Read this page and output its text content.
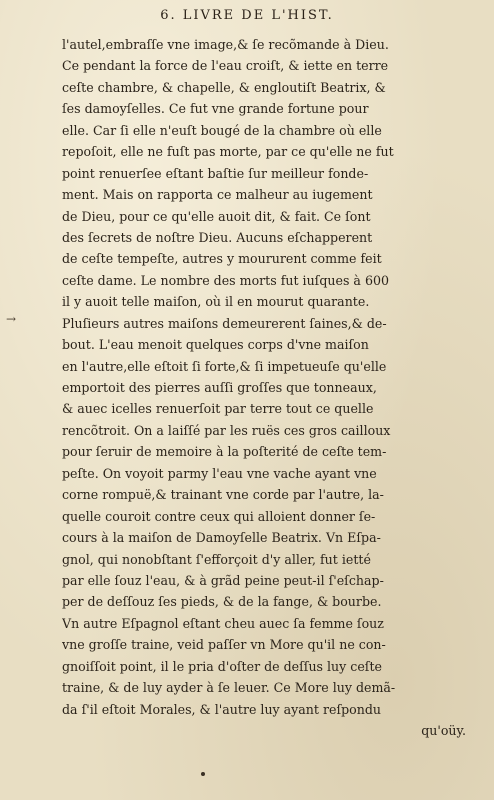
6. LIVRE DE L'HIST.
→
l'autel,embraſſe vne image,& ſe recõmande à Dieu.
Ce pendant la force de l'eau croiſt, & iette en terre
ceſte chambre, & chapelle, & engloutiſt Beatrix, &
ſes damoyſelles. Ce fut vne grande fortune pour
elle. Car ſi elle n'euſt bougé de la chambre où elle
repoſoit, elle ne fuſt pas morte, par ce qu'elle ne fut
point renuerſee eſtant baſtie ſur meilleur fonde-
ment. Mais on rapporta ce malheur au iugement
de Dieu, pour ce qu'elle auoit dit, & fait. Ce ſont
des ſecrets de noſtre Dieu. Aucuns eſchapperent
de ceſte tempeſte, autres y moururent comme feit
ceſte dame. Le nombre des morts fut iuſques à 600
il y auoit telle maiſon, où il en mourut quarante.
Pluſieurs autres maiſons demeurerent ſaines,& de-
bout. L'eau menoit quelques corps d'vne maiſon
en l'autre,elle eſtoit ſi forte,& ſi impetueuſe qu'elle
emportoit des pierres auſſi groſſes que tonneaux,
& auec icelles renuerſoit par terre tout ce quelle
rencõtroit. On a laiſſé par les ruës ces gros cailloux
pour ſeruir de memoire à la poſterité de ceſte tem-
peſte. On voyoit parmy l'eau vne vache ayant vne
corne rompuë,& trainant vne corde par l'autre, la-
quelle couroit contre ceux qui alloient donner ſe-
cours à la maiſon de Damoyſelle Beatrix. Vn Eſpa-
gnol, qui nonobſtant ſ'efforçoit d'y aller, fut ietté
par elle ſouz l'eau, & à grãd peine peut-il ſ'eſchap-
per de deſſouz ſes pieds, & de la fange, & bourbe.
Vn autre Eſpagnol eſtant cheu auec ſa femme ſouz
vne groſſe traine, veid paſſer vn More qu'il ne con-
gnoiſſoit point, il le pria d'oſter de deſſus luy ceſte
traine, & de luy ayder à ſe leuer. Ce More luy demã-
da ſ'il eſtoit Morales, & l'autre luy ayant reſpondu
qu'oüy.
